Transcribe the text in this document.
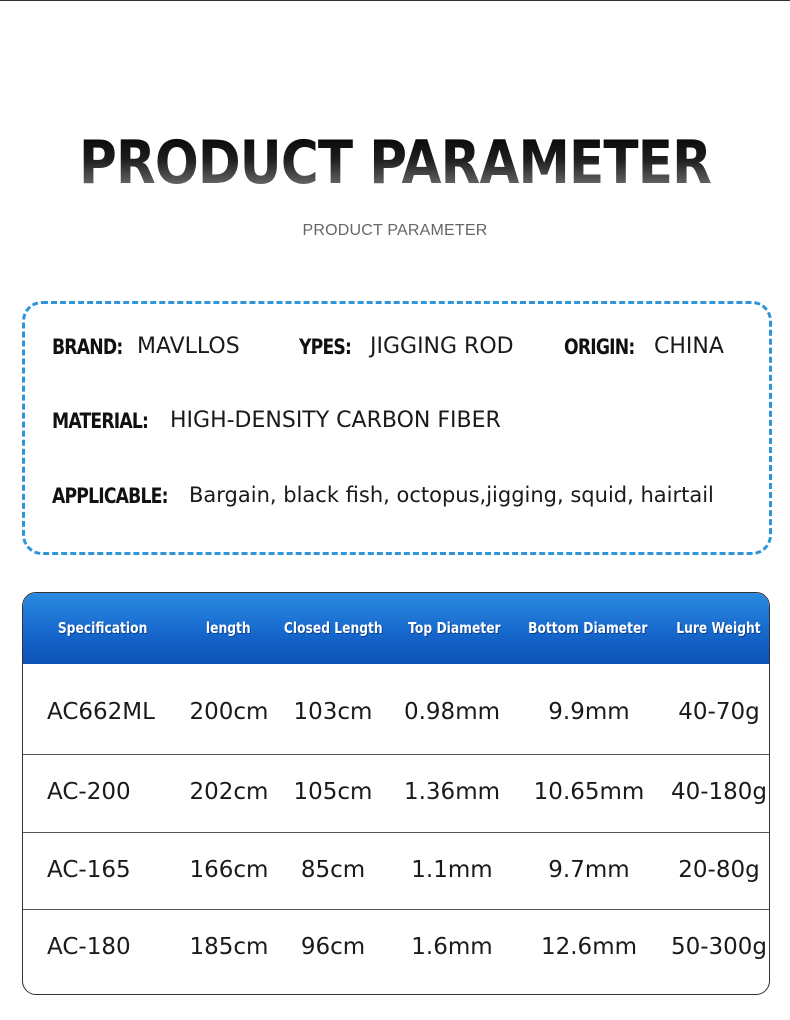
PRODUCT PARAMETER
PRODUCT PARAMETER
BRAND: MAVLLOS	YPES: JIGGING ROD ORIGIN: CHINA
MATERIAL: HIGH-DENSITY CARBON FIBER
APPLICABLE: Bargain, black fish, octopus,jigging, squid, hairtail
Specification	length	Closed Length	Top Diameter	Bottom Diameter	Lure Weight
AC662ML	200cm	103cm	0.98mm	9.9mm	40-70g
AC-200	202cm	105cm	1.36mm	10.65mm	40-180g
AC-165	166cm	85cm	1.1mm	9.7mm	20-80g
AC-180	185cm	96cm	1.6mm	12.6mm	50-300g
